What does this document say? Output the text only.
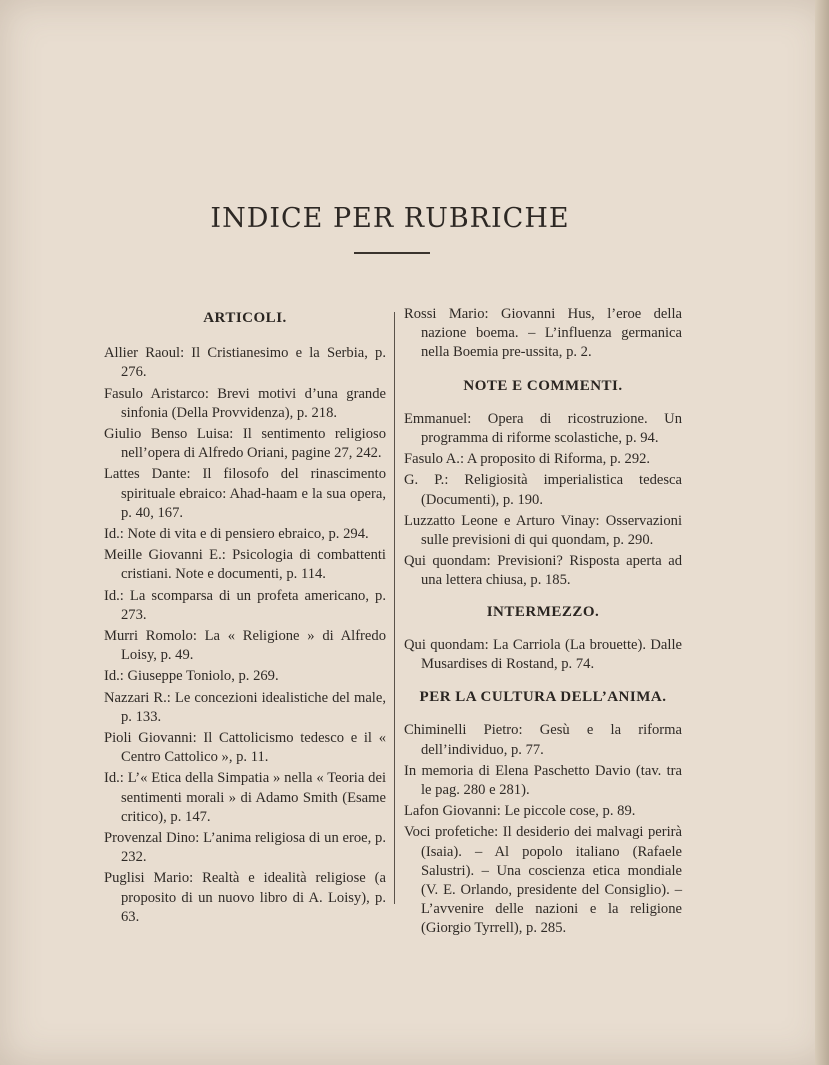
INDICE PER RUBRICHE
ARTICOLI.
Allier Raoul: Il Cristianesimo e la Serbia, p. 276.
Fasulo Aristarco: Brevi motivi d’una grande sinfonia (Della Provvidenza), p. 218.
Giulio Benso Luisa: Il sentimento religioso nell’opera di Alfredo Oriani, pagine 27, 242.
Lattes Dante: Il filosofo del rinascimento spirituale ebraico: Ahad-haam e la sua opera, p. 40, 167.
Id.: Note di vita e di pensiero ebraico, p. 294.
Meille Giovanni E.: Psicologia di combattenti cristiani. Note e documenti, p. 114.
Id.: La scomparsa di un profeta americano, p. 273.
Murri Romolo: La « Religione » di Alfredo Loisy, p. 49.
Id.: Giuseppe Toniolo, p. 269.
Nazzari R.: Le concezioni idealistiche del male, p. 133.
Pioli Giovanni: Il Cattolicismo tedesco e il « Centro Cattolico », p. 11.
Id.: L’« Etica della Simpatia » nella « Teoria dei sentimenti morali » di Adamo Smith (Esame critico), p. 147.
Provenzal Dino: L’anima religiosa di un eroe, p. 232.
Puglisi Mario: Realtà e idealità religiose (a proposito di un nuovo libro di A. Loisy), p. 63.
Rossi Mario: Giovanni Hus, l’eroe della nazione boema. – L’influenza germanica nella Boemia pre-ussita, p. 2.
NOTE E COMMENTI.
Emmanuel: Opera di ricostruzione. Un programma di riforme scolastiche, p. 94.
Fasulo A.: A proposito di Riforma, p. 292.
G. P.: Religiosità imperialistica tedesca (Documenti), p. 190.
Luzzatto Leone e Arturo Vinay: Osservazioni sulle previsioni di qui quondam, p. 290.
Qui quondam: Previsioni? Risposta aperta ad una lettera chiusa, p. 185.
INTERMEZZO.
Qui quondam: La Carriola (La brouette). Dalle Musardises di Rostand, p. 74.
PER LA CULTURA DELL’ANIMA.
Chiminelli Pietro: Gesù e la riforma dell’individuo, p. 77.
In memoria di Elena Paschetto Davio (tav. tra le pag. 280 e 281).
Lafon Giovanni: Le piccole cose, p. 89.
Voci profetiche: Il desiderio dei malvagi perirà (Isaia). – Al popolo italiano (Rafaele Salustri). – Una coscienza etica mondiale (V. E. Orlando, presidente del Consiglio). – L’avvenire delle nazioni e la religione (Giorgio Tyrrell), p. 285.
